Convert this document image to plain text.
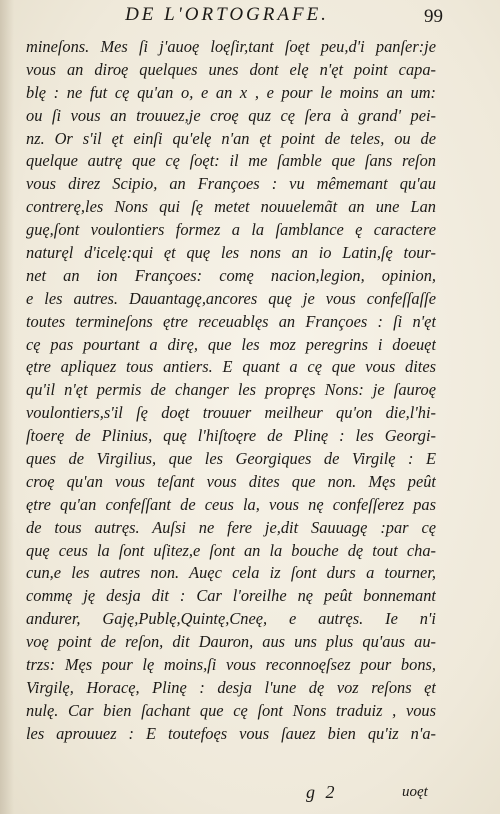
DE L'ORTOGRAFE.	99
mineſons. Mes ſi j'auoę loęſir,tant ſoęt peu,d'i panſer:je
vous an diroę quelques unes dont elę n'ęt point capa-
blę : ne fut cę qu'an o, e an x , e pour le moins an um:
ou ſi vous an trouuez,je croę quz cę ſera à grand' pei-
nz. Or s'il ęt einſi qu'elę n'an ęt point de teles, ou de
quelque autrę que cę ſoęt: il me ſamble que ſans reſon
vous direz Scipio, an Françoes : vu mêmemant qu'au
contrerę,les Nons qui ſę metet nouuelemãt an une Lan
guę,ſont voulontiers formez a la ſamblance ę caractere
naturęl d'icelę:qui ęt quę les nons an io Latin,ſę tour-
net an ion Françoes: comę nacion,legion, opinion,
e les autres. Dauantagę,ancores quę je vous confeſſaſſe
toutes termineſons ętre receuablęs an Françoes : ſi n'ęt
cę pas pourtant a dirę, que les moz peregrins i doeuęt
ętre apliquez tous antiers. E quant a cę que vous dites
qu'il n'ęt permis de changer les propręs Nons: je ſauroę
voulontiers,s'il ſę doęt trouuer meilheur qu'on die,l'hi-
ſtoerę de Plinius, quę l'hiſtoęre de Plinę : les Georgi-
ques de Virgilius, que les Georgiques de Virgilę : E
croę qu'an vous teſant vous dites que non. Męs peût
ętre qu'an confeſſant de ceus la, vous nę confeſſerez pas
de tous autręs. Auſsi ne fere je,dit Sauuagę :par cę
quę ceus la ſont uſitez,e ſont an la bouche dę tout cha-
cun,e les autres non. Auęc cela iz ſont durs a tourner,
commę ję desja dit : Car l'oreilhe nę peût bonnemant
andurer, Gaję,Publę,Quintę,Cneę, e autręs. Ie n'i
voę point de reſon, dit Dauron, aus uns plus qu'aus au-
trzs: Męs pour lę moins,ſi vous reconnoęſsez pour bons,
Virgilę, Horacę, Plinę : desja l'une dę voz reſons ęt
nulę. Car bien ſachant que cę ſont Nons traduiz , vous
les aprouuez : E toutefoęs vous ſauez bien qu'iz n'a-
g 2	uoęt
